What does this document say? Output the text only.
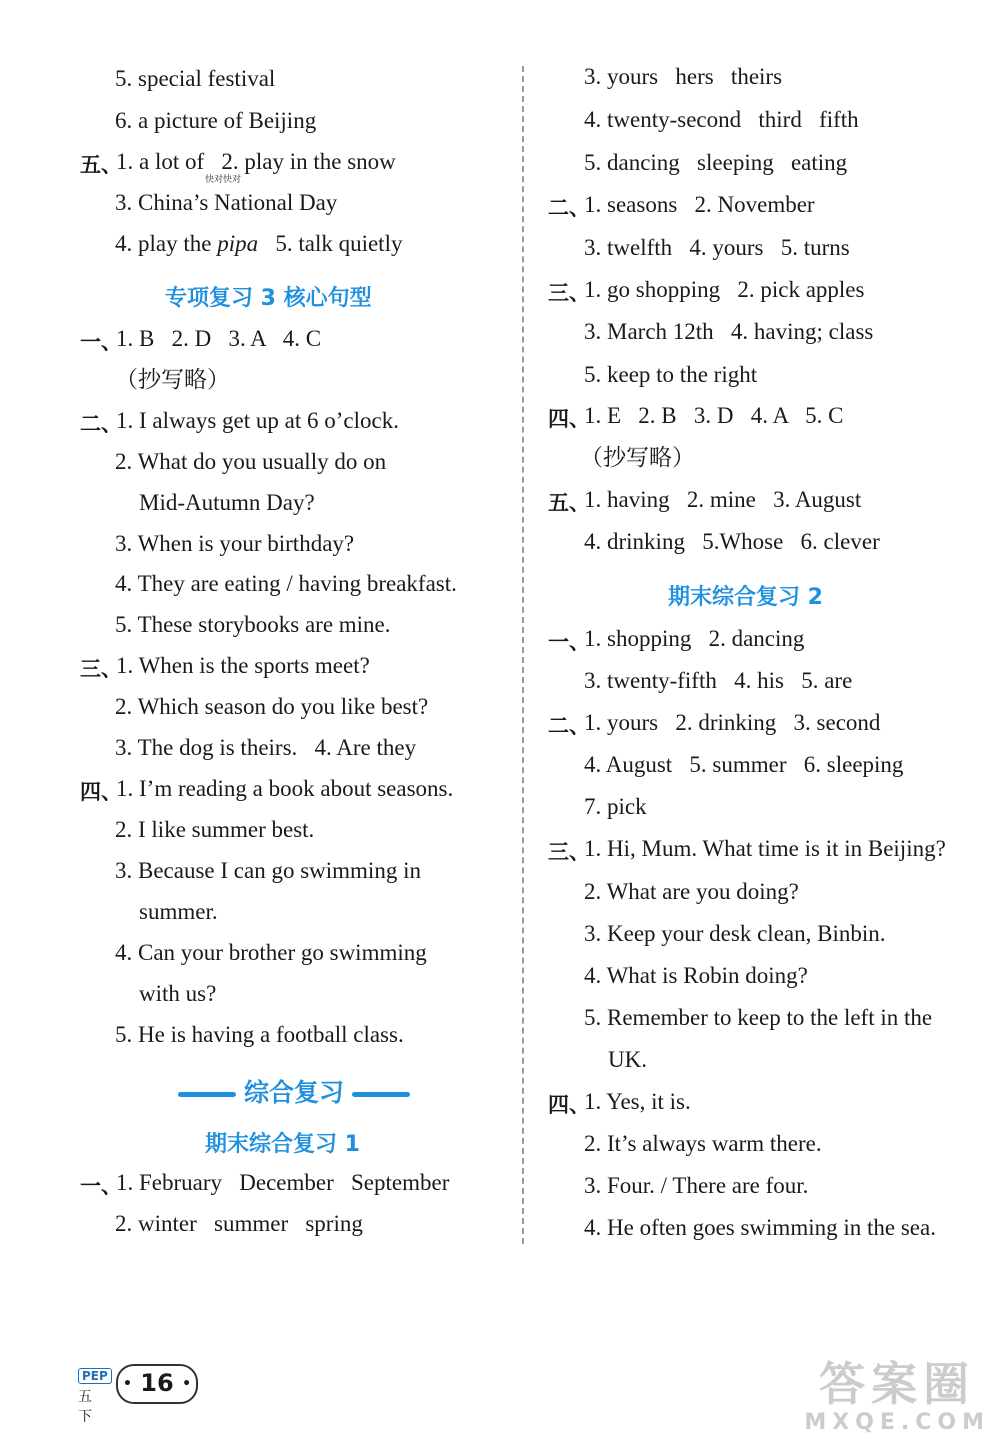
专项复习 3 核心句型
综合复习
期末综合复习 1
期末综合复习 2
快对快对
PEP
五下
• 16 •	答案圈
MXQE.COM
5. special festival
6. a picture of Beijing
五、
1. a lot of   2. play in the snow
3. China’s National Day
4. play the pipa   5. talk quietly
一、
1. B   2. D   3. A   4. C
（抄写略）
二、
1. I always get up at 6 o’clock.
2. What do you usually do on
Mid-Autumn Day?
3. When is your birthday?
4. They are eating / having breakfast.
5. These storybooks are mine.
三、
1. When is the sports meet?
2. Which season do you like best?
3. The dog is theirs.   4. Are they
四、
1. I’m reading a book about seasons.
2. I like summer best.
3. Because I can go swimming in
summer.
4. Can your brother go swimming
with us?
5. He is having a football class.
一、
1. February   December   September
2. winter   summer   spring
3. yours   hers   theirs
4. twenty-second   third   fifth
5. dancing   sleeping   eating
二、
1. seasons   2. November
3. twelfth   4. yours   5. turns
三、
1. go shopping   2. pick apples
3. March 12th   4. having; class
5. keep to the right
四、
1. E   2. B   3. D   4. A   5. C
（抄写略）
五、
1. having   2. mine   3. August
4. drinking   5.Whose   6. clever
一、
1. shopping   2. dancing
3. twenty-fifth   4. his   5. are
二、
1. yours   2. drinking   3. second
4. August   5. summer   6. sleeping
7. pick
三、
1. Hi, Mum. What time is it in Beijing?
2. What are you doing?
3. Keep your desk clean, Binbin.
4. What is Robin doing?
5. Remember to keep to the left in the
UK.
四、
1. Yes, it is.
2. It’s always warm there.
3. Four. / There are four.
4. He often goes swimming in the sea.
